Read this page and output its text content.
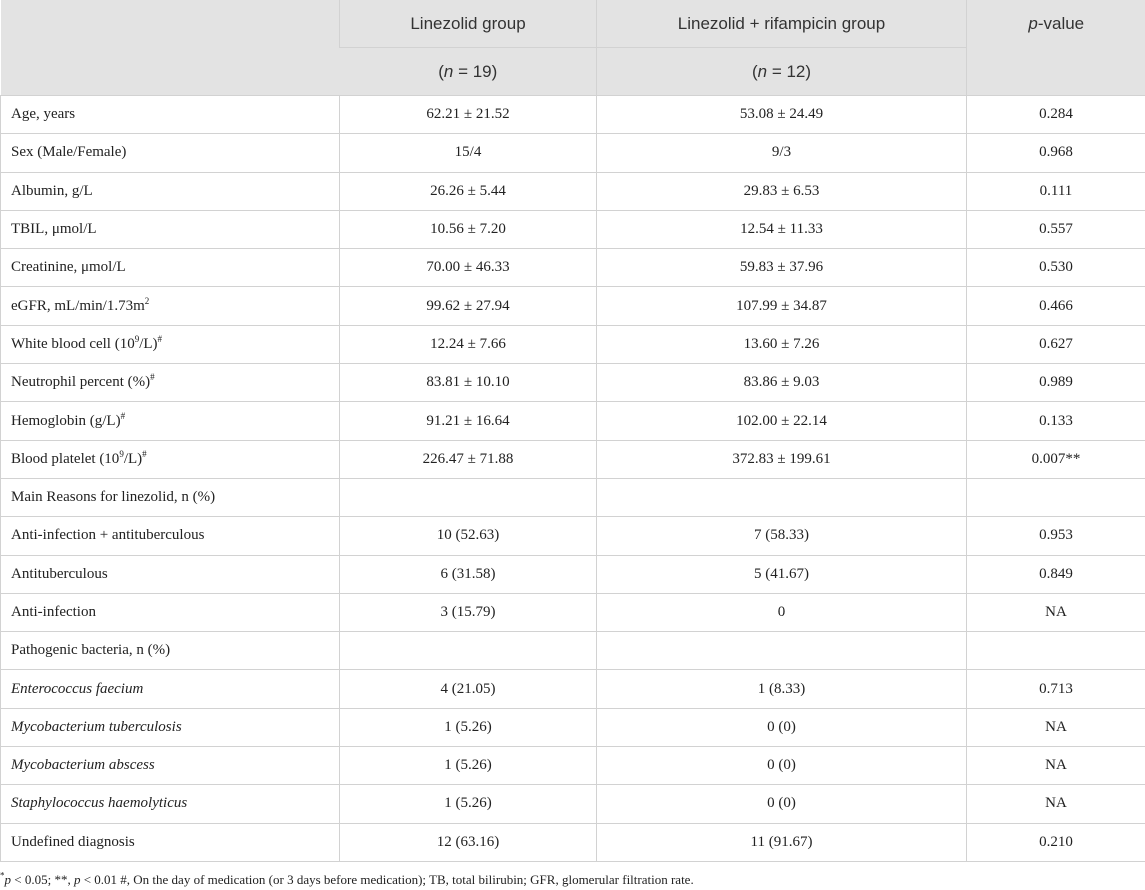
	Linezolid group	Linezolid + rifampicin group	p-value
	(n = 19)	(n = 12)	
Age, years	62.21 ± 21.52	53.08 ± 24.49	0.284
Sex (Male/Female)	15/4	9/3	0.968
Albumin, g/L	26.26 ± 5.44	29.83 ± 6.53	0.111
TBIL, μmol/L	10.56 ± 7.20	12.54 ± 11.33	0.557
Creatinine, μmol/L	70.00 ± 46.33	59.83 ± 37.96	0.530
eGFR, $mL/\min/1.73m^2$	99.62 ± 27.94	107.99 ± 34.87	0.466
White blood cell $(10^9/L)^{\#}$	12.24 ± 7.66	13.60 ± 7.26	0.627
Neutrophil percent (%)#	83.81 ± 10.10	83.86 ± 9.03	0.989
Hemoglobin (g/L)#	91.21 ± 16.64	102.00 ± 22.14	0.133
Blood platelet $(10^9/L)^{\#}$	226.47 ± 71.88	372.83 ± 199.61	0.007**
Main Reasons for linezolid, n (%)			
Anti-infection + antituberculous	10 (52.63)	7 (58.33)	0.953
Antituberculous	6 (31.58)	5 (41.67)	0.849
Anti-infection	3 (15.79)	0	NA
Pathogenic bacteria, n (%)			
Enterococcus faecium	4 (21.05)	1 (8.33)	0.713
Mycobacterium tuberculosis	1 (5.26)	0 (0)	NA
Mycobacterium abscess	1 (5.26)	0 (0)	NA
Staphylococcus haemolyticus	1 (5.26)	0 (0)	NA
Undefined diagnosis	12 (63.16)	11 (91.67)	0.210
*p < 0.05; **, p < 0.01 #, On the day of medication (or 3 days before medication); TB, total bilirubin; GFR, glomerular filtration rate.
